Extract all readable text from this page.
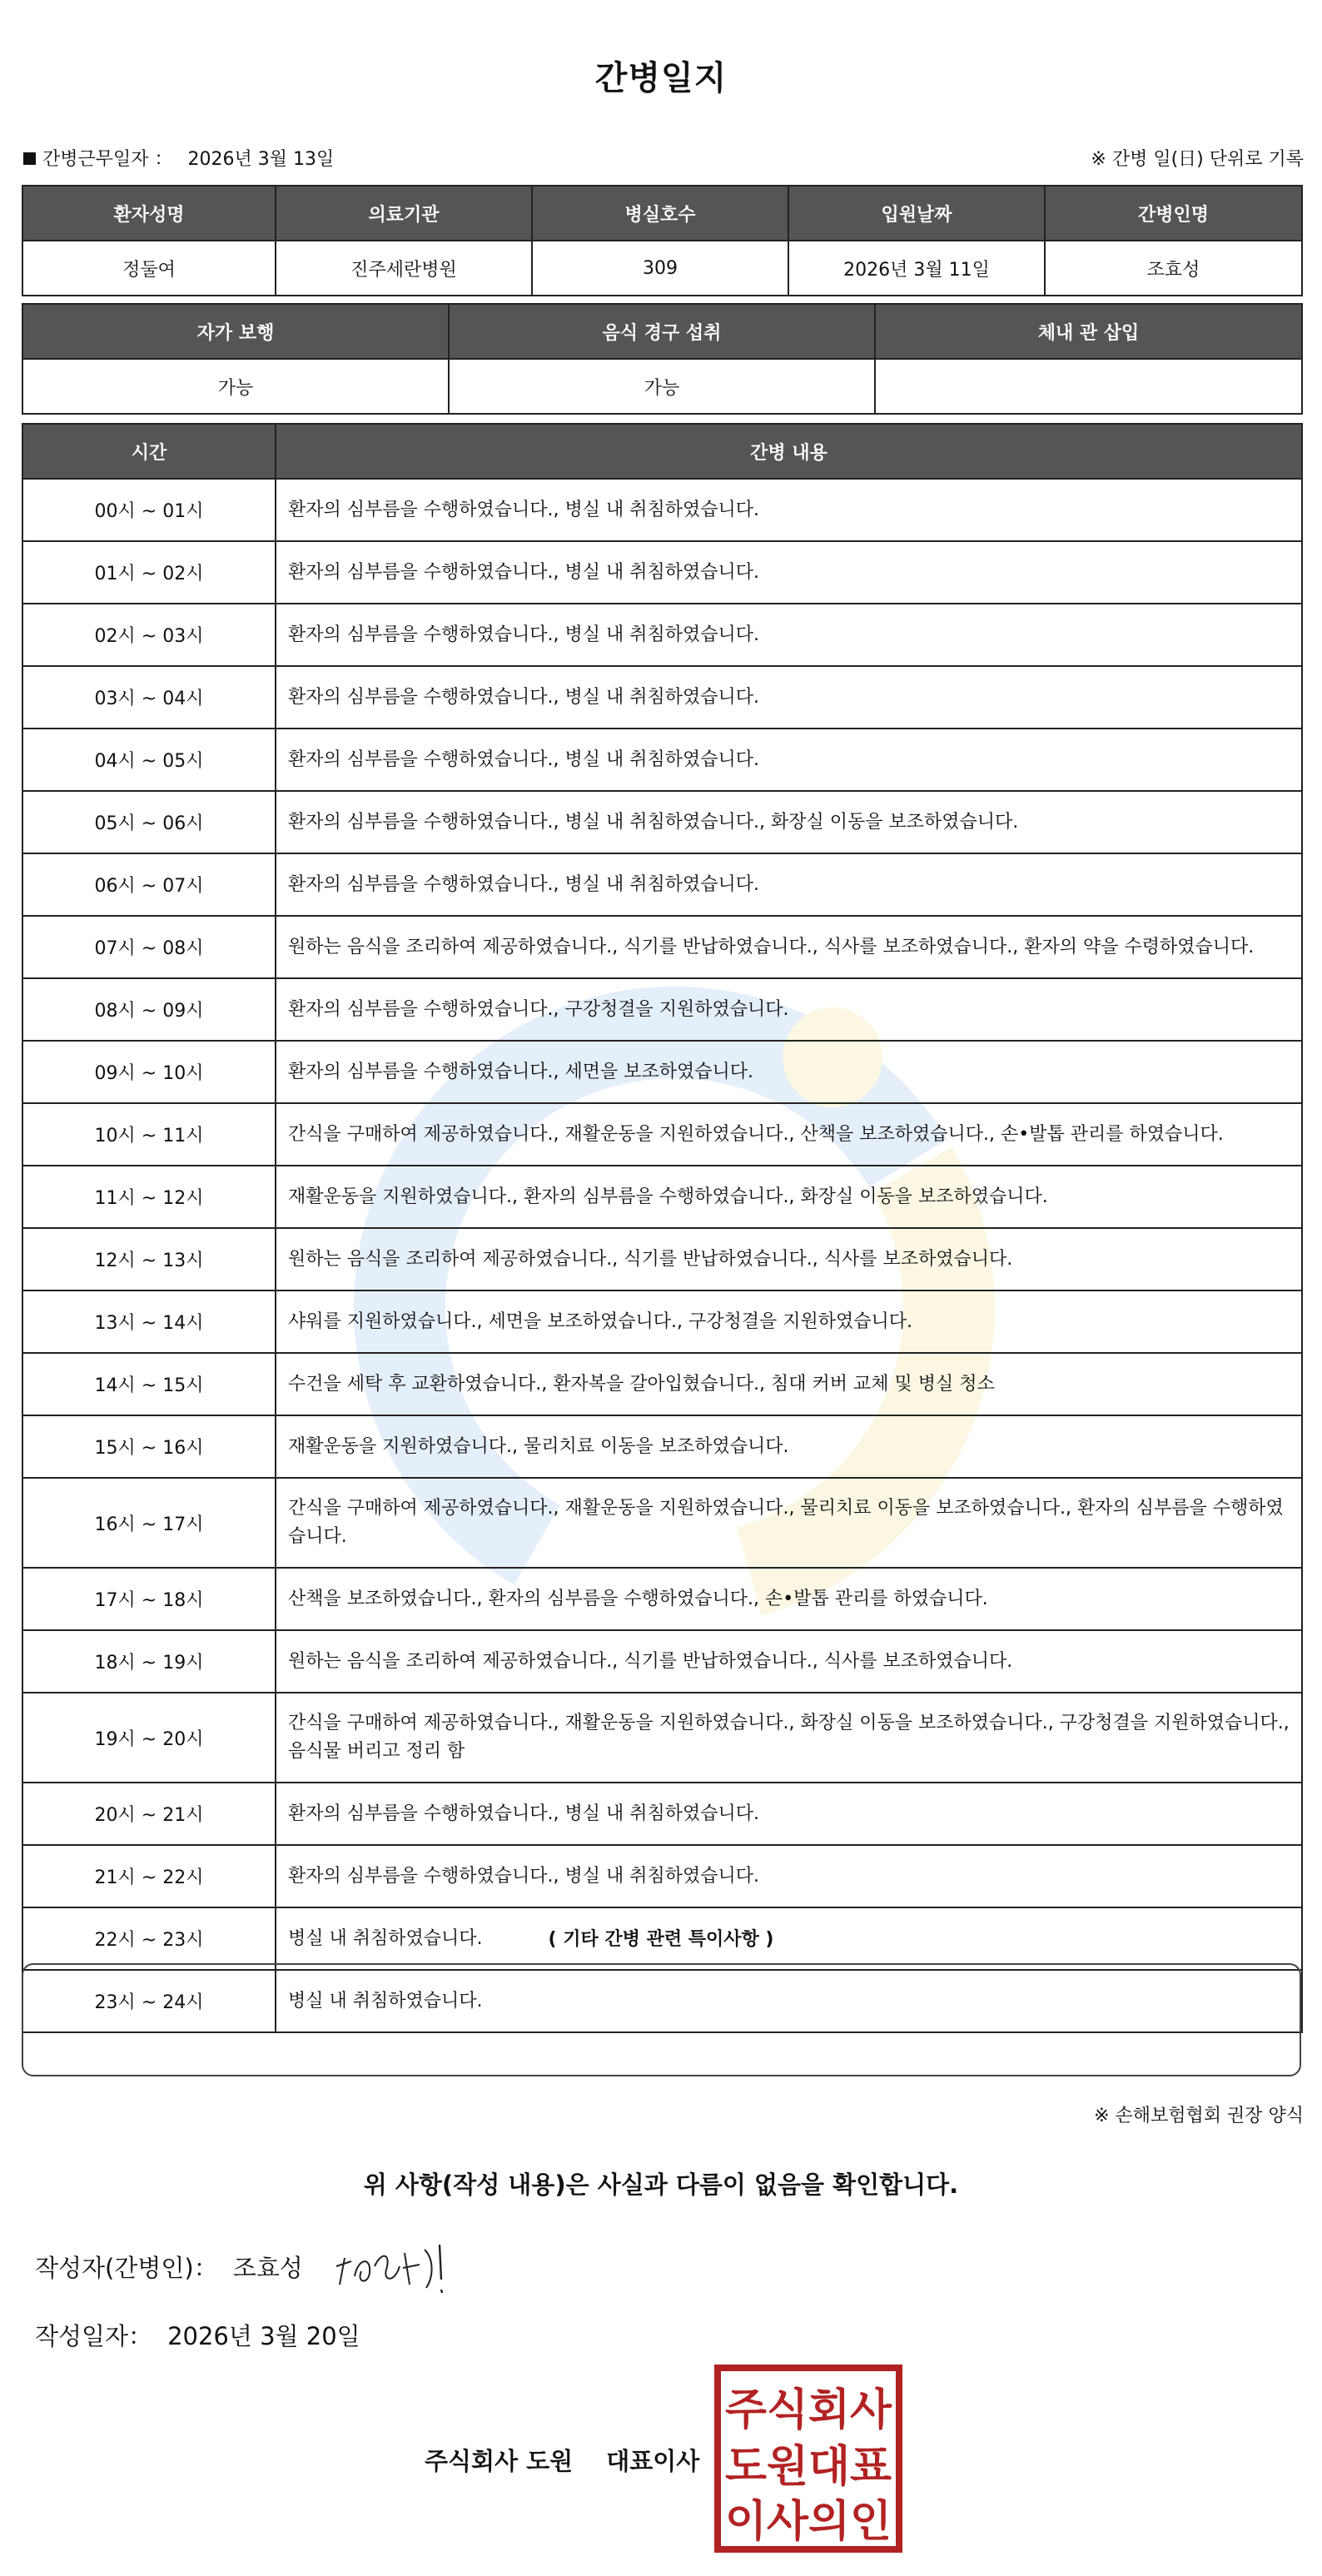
간병일지
간병근무일자 ： 2026년 3월 13일	※ 간병 일(日) 단위로 기록
환자성명	의료기관	병실호수	입원날짜	간병인명
정둘여	진주세란병원	309	2026년 3월 11일	조효성
자가 보행	음식 경구 섭취	체내 관 삽입
가능	가능	
시간	간병 내용
00시 ~ 01시	환자의 심부름을 수행하였습니다., 병실 내 취침하였습니다.
01시 ~ 02시	환자의 심부름을 수행하였습니다., 병실 내 취침하였습니다.
02시 ~ 03시	환자의 심부름을 수행하였습니다., 병실 내 취침하였습니다.
03시 ~ 04시	환자의 심부름을 수행하였습니다., 병실 내 취침하였습니다.
04시 ~ 05시	환자의 심부름을 수행하였습니다., 병실 내 취침하였습니다.
05시 ~ 06시	환자의 심부름을 수행하였습니다., 병실 내 취침하였습니다., 화장실 이동을 보조하였습니다.
06시 ~ 07시	환자의 심부름을 수행하였습니다., 병실 내 취침하였습니다.
07시 ~ 08시	원하는 음식을 조리하여 제공하였습니다., 식기를 반납하였습니다., 식사를 보조하였습니다., 환자의 약을 수령하였습니다.
08시 ~ 09시	환자의 심부름을 수행하였습니다., 구강청결을 지원하였습니다.
09시 ~ 10시	환자의 심부름을 수행하였습니다., 세면을 보조하였습니다.
10시 ~ 11시	간식을 구매하여 제공하였습니다., 재활운동을 지원하였습니다., 산책을 보조하였습니다., 손•발톱 관리를 하였습니다.
11시 ~ 12시	재활운동을 지원하였습니다., 환자의 심부름을 수행하였습니다., 화장실 이동을 보조하였습니다.
12시 ~ 13시	원하는 음식을 조리하여 제공하였습니다., 식기를 반납하였습니다., 식사를 보조하였습니다.
13시 ~ 14시	샤워를 지원하였습니다., 세면을 보조하였습니다., 구강청결을 지원하였습니다.
14시 ~ 15시	수건을 세탁 후 교환하였습니다., 환자복을 갈아입혔습니다., 침대 커버 교체 및 병실 청소
15시 ~ 16시	재활운동을 지원하였습니다., 물리치료 이동을 보조하였습니다.
16시 ~ 17시	간식을 구매하여 제공하였습니다., 재활운동을 지원하였습니다., 물리치료 이동을 보조하였습니다., 환자의 심부름을 수행하였습니다.
17시 ~ 18시	산책을 보조하였습니다., 환자의 심부름을 수행하였습니다., 손•발톱 관리를 하였습니다.
18시 ~ 19시	원하는 음식을 조리하여 제공하였습니다., 식기를 반납하였습니다., 식사를 보조하였습니다.
19시 ~ 20시	간식을 구매하여 제공하였습니다., 재활운동을 지원하였습니다., 화장실 이동을 보조하였습니다., 구강청결을 지원하였습니다., 음식물 버리고 정리 함
20시 ~ 21시	환자의 심부름을 수행하였습니다., 병실 내 취침하였습니다.
21시 ~ 22시	환자의 심부름을 수행하였습니다., 병실 내 취침하였습니다.
22시 ~ 23시	병실 내 취침하였습니다.
23시 ~ 24시	병실 내 취침하였습니다.
( 기타 간병 관련 특이사항 )
※ 손해보험협회 권장 양식
위 사항(작성 내용)은 사실과 다름이 없음을 확인합니다.
작성자(간병인)： 조효성
작성일자： 2026년 3월 20일
주식회사 도원 대표이사
주식회사
도원대표
이사의인
